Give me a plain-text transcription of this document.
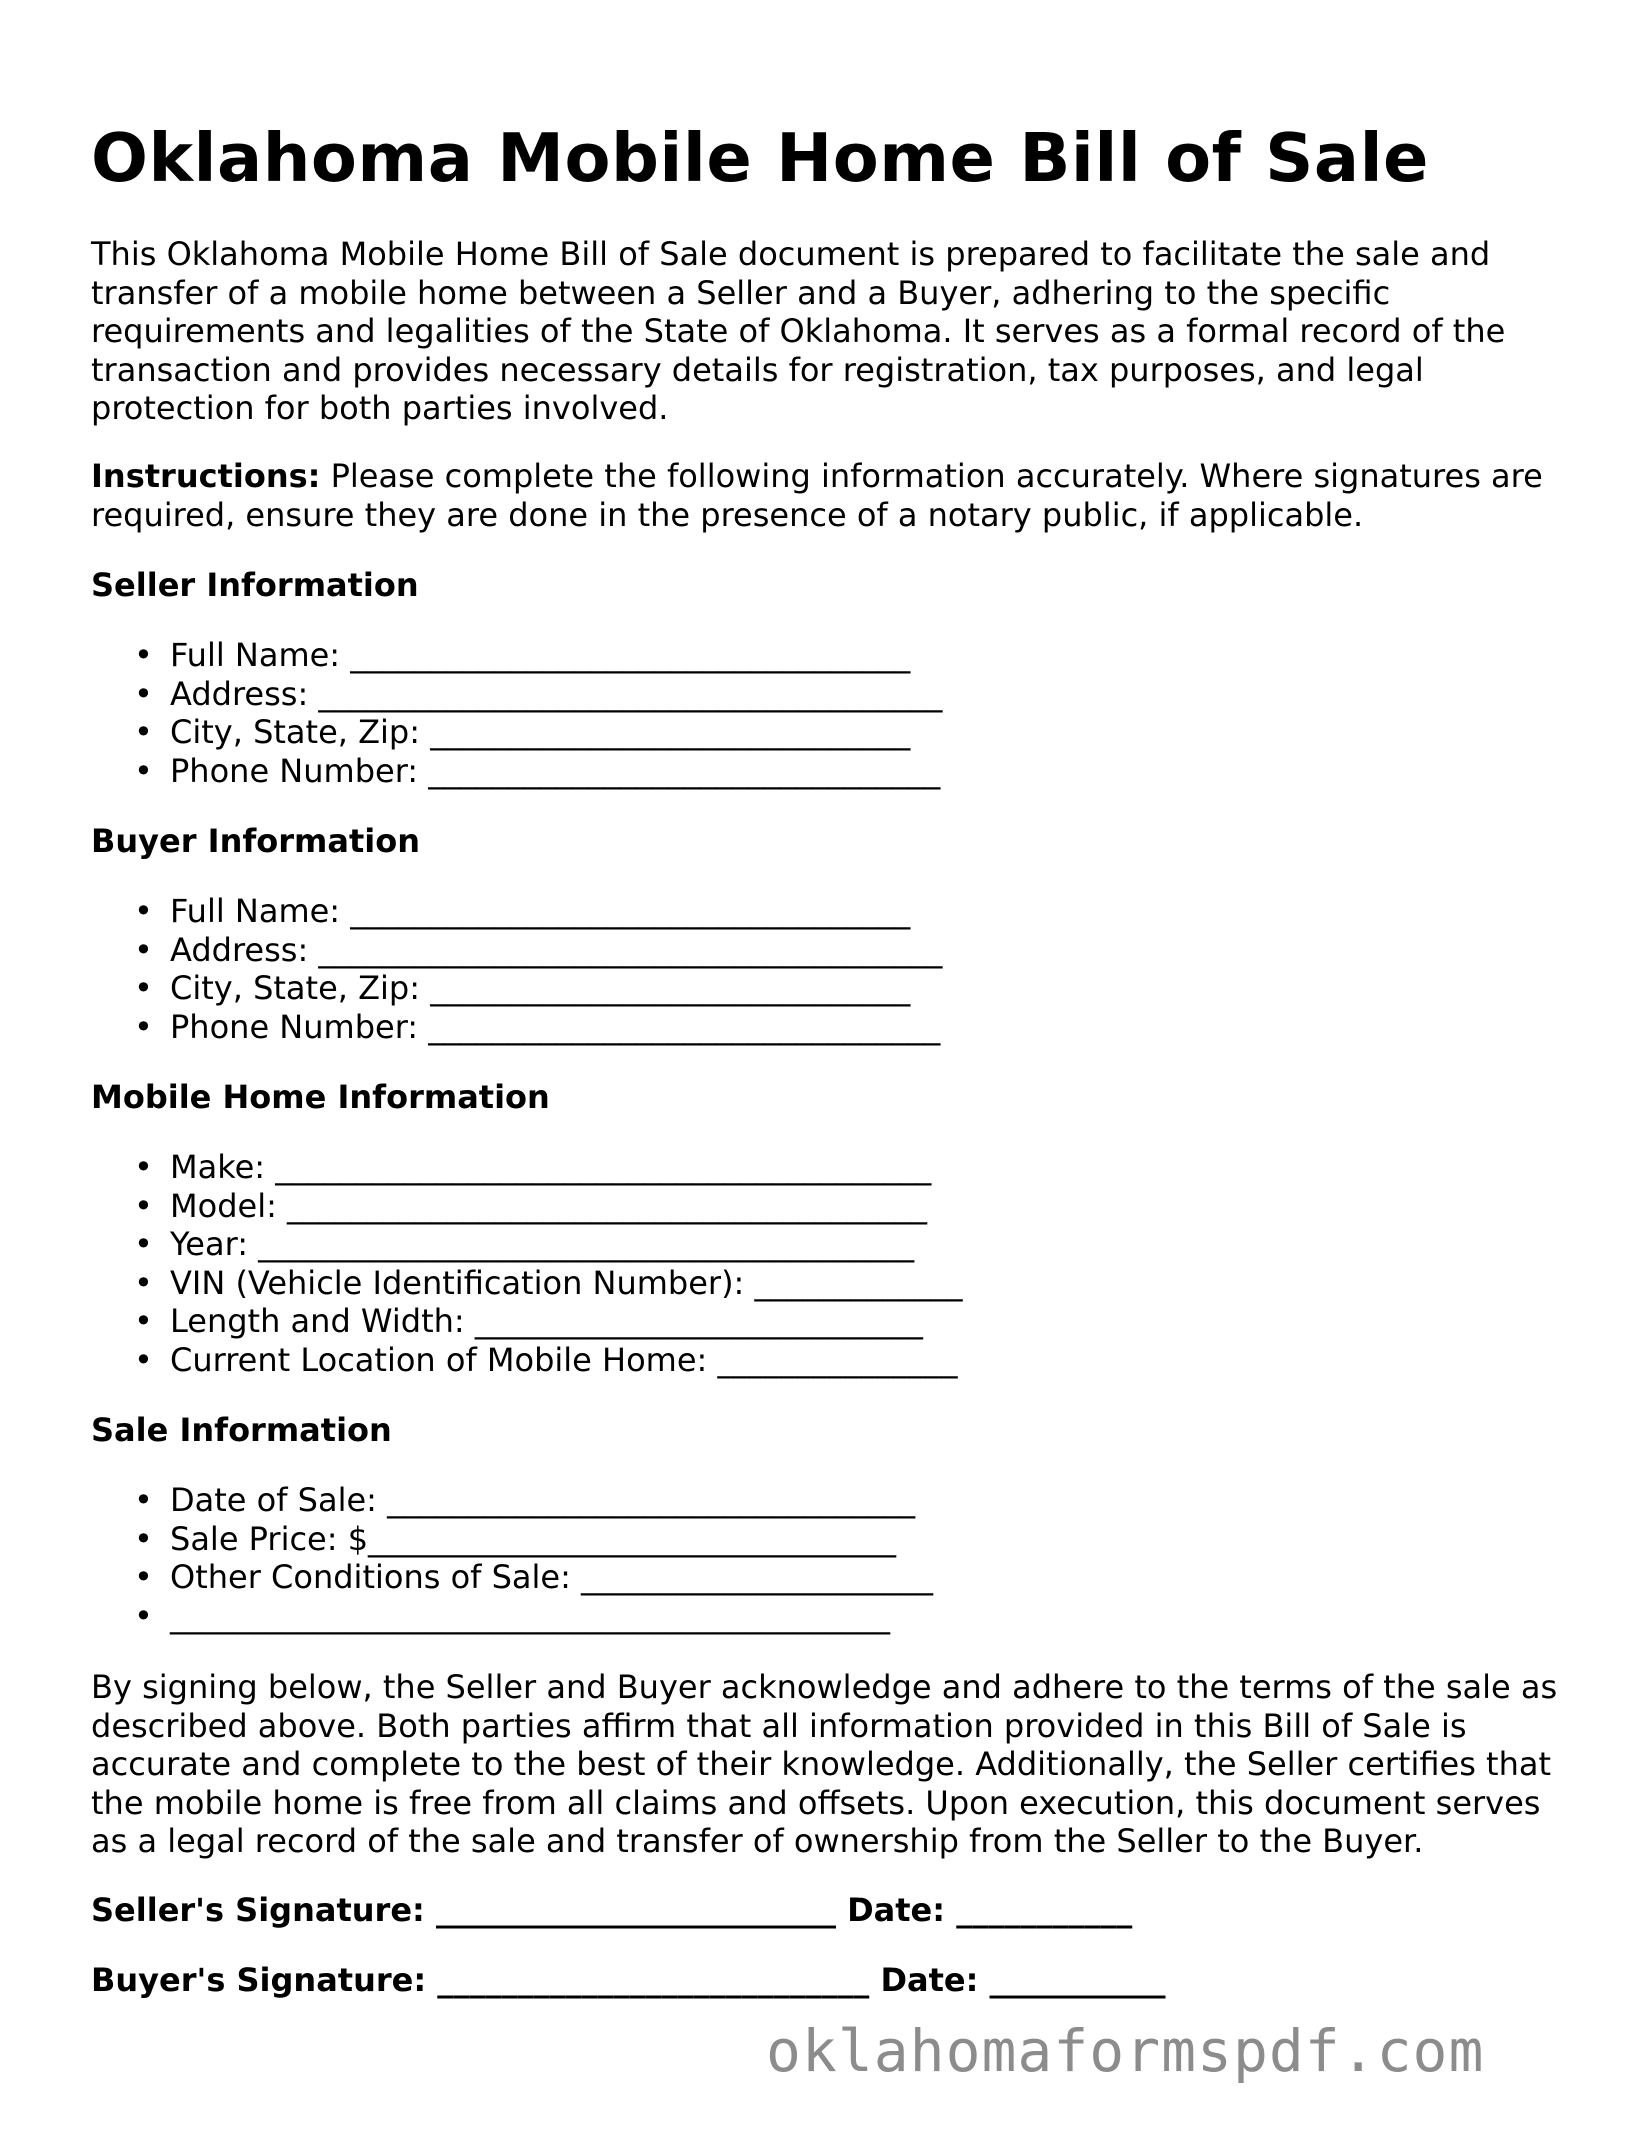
Oklahoma Mobile Home Bill of Sale

This Oklahoma Mobile Home Bill of Sale document is prepared to facilitate the sale and transfer of a mobile home between a Seller and a Buyer, adhering to the specific requirements and legalities of the State of Oklahoma. It serves as a formal record of the transaction and provides necessary details for registration, tax purposes, and legal protection for both parties involved.

Instructions: Please complete the following information accurately. Where signatures are required, ensure they are done in the presence of a notary public, if applicable.

Seller Information
• Full Name: ___________________________________
• Address: _______________________________________
• City, State, Zip: ______________________________
• Phone Number: ________________________________
Buyer Information
• Full Name: ___________________________________
• Address: _______________________________________
• City, State, Zip: ______________________________
• Phone Number: ________________________________
Mobile Home Information
• Make: _________________________________________
• Model: ________________________________________
• Year: _________________________________________
• VIN (Vehicle Identification Number): _____________
• Length and Width: ____________________________
• Current Location of Mobile Home: _______________
Sale Information
• Date of Sale: _________________________________
• Sale Price: $_________________________________
• Other Conditions of Sale: ______________________
• _____________________________________________

By signing below, the Seller and Buyer acknowledge and adhere to the terms of the sale as described above. Both parties affirm that all information provided in this Bill of Sale is accurate and complete to the best of their knowledge. Additionally, the Seller certifies that the mobile home is free from all claims and offsets. Upon execution, this document serves as a legal record of the sale and transfer of ownership from the Seller to the Buyer.

Seller's Signature: _________________________ Date: ___________
Buyer's Signature: ___________________________ Date: ___________
oklahomaformspdf.com
